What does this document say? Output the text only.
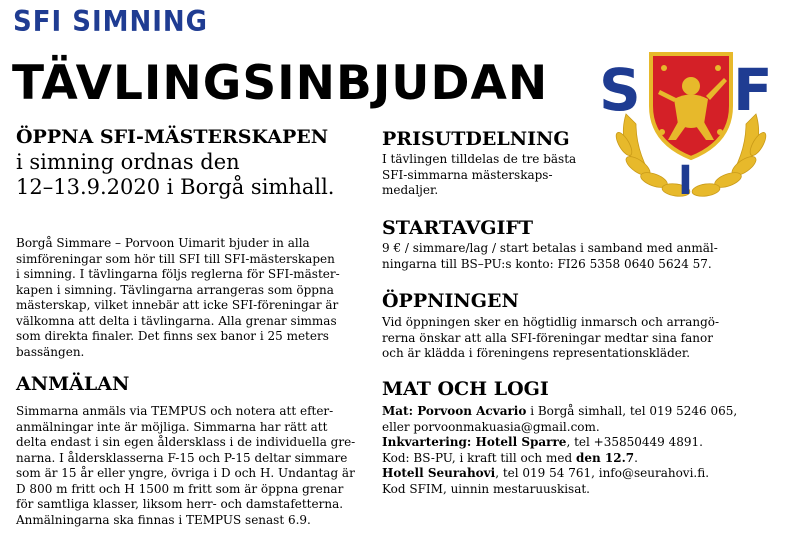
SFI SIMNING
TÄVLINGSINBJUDAN
ÖPPNA SFI-MÄSTERSKAPEN
i simning ordnas den
12–13.9.2020 i Borgå simhall.
Borgå Simmare – Porvoon Uimarit bjuder in alla
simföreningar som hör till SFI till SFI-mästerskapen
i simning. I tävlingarna följs reglerna för SFI-mäster-
kapen i simning. Tävlingarna arrangeras som öppna
mästerskap, vilket innebär att icke SFI-föreningar är
välkomna att delta i tävlingarna. Alla grenar simmas
som direkta finaler. Det finns sex banor i 25 meters
bassängen.
ANMÄLAN
Simmarna anmäls via TEMPUS och notera att efter-
anmälningar inte är möjliga. Simmarna har rätt att
delta endast i sin egen åldersklass i de individuella gre-
narna. I åldersklasserna F-15 och P-15 deltar simmare
som är 15 år eller yngre, övriga i D och H. Undantag är
D 800 m fritt och H 1500 m fritt som är öppna grenar
för samtliga klasser, liksom herr- och damstafetterna.
Anmälningarna ska finnas i TEMPUS senast 6.9.
PRISUTDELNING
I tävlingen tilldelas de tre bästa
SFI-simmarna mästerskaps-
medaljer.
STARTAVGIFT
9 € / simmare/lag / start betalas i samband med anmäl-
ningarna till BS–PU:s konto: FI26 5358 0640 5624 57.
ÖPPNINGEN
Vid öppningen sker en högtidlig inmarsch och arrangö-
rerna önskar att alla SFI-föreningar medtar sina fanor
och är klädda i föreningens representationskläder.
MAT OCH LOGI
Mat: Porvoon Acvario i Borgå simhall, tel 019 5246 065,
eller porvoonmakuasia@gmail.com.
Inkvartering: Hotell Sparre, tel +35850449 4891.
Kod: BS-PU, i kraft till och med den 12.7.
Hotell Seurahovi, tel 019 54 761, info@seurahovi.fi.
Kod SFIM, uinnin mestaruuskisat.
S F
I
